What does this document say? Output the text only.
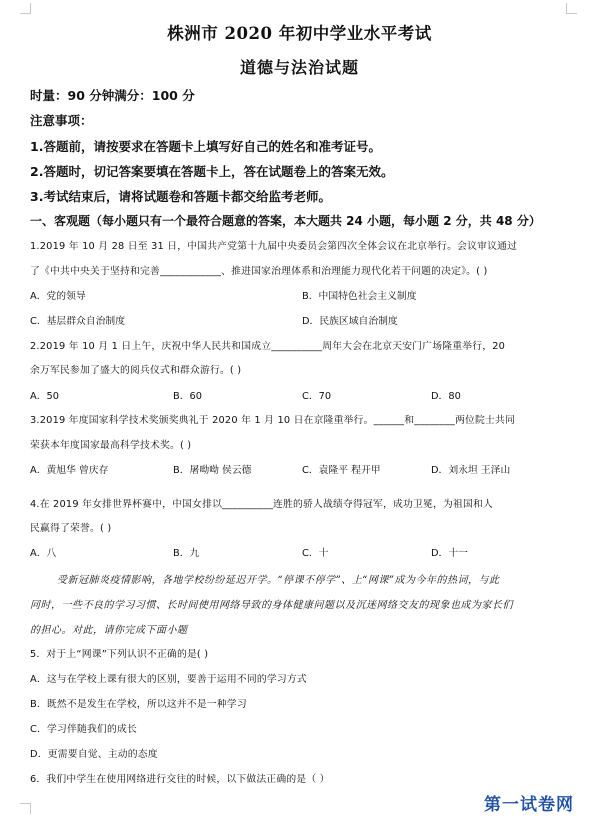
株洲市 2020 年初中学业水平考试
道德与法治试题
时量：90 分钟满分：100 分
注意事项：
1.答题前，请按要求在答题卡上填写好自己的姓名和准考证号。
2.答题时，切记答案要填在答题卡上，答在试题卷上的答案无效。
3.考试结束后，请将试题卷和答题卡都交给监考老师。
一、客观题（每小题只有一个最符合题意的答案，本大题共 24 小题，每小题 2 分，共 48 分）
1.2019 年 10 月 28 日至 31 日，中国共产党第十九届中央委员会第四次全体会议在北京举行。会议审议通过
了《中共中央关于坚持和完善____________、推进国家治理体系和治理能力现代化若干问题的决定》。( )
A．党的领导	B．中国特色社会主义制度
C．基层群众自治制度	D．民族区域自治制度
2.2019 年 10 月 1 日上午，庆祝中华人民共和国成立__________周年大会在北京天安门广场隆重举行，20
余万军民参加了盛大的阅兵仪式和群众游行。( )
A．50	B．60	C．70	D．80
3.2019 年度国家科学技术奖颁奖典礼于 2020 年 1 月 10 日在京隆重举行。______和________两位院士共同
荣获本年度国家最高科学技术奖。( )
A．黄旭华 曾庆存	B．屠呦呦 侯云德	C．袁隆平 程开甲	D．刘永坦 王泽山
4.在 2019 年女排世界杯赛中，中国女排以__________连胜的骄人战绩夺得冠军，成功卫冕，为祖国和人
民赢得了荣誉。( )
A．八	B．九	C．十	D．十一
受新冠肺炎疫情影响，各地学校纷纷延迟开学。“停课不停学”、上“网课”成为今年的热词，与此
同时，一些不良的学习习惯、长时间使用网络导致的身体健康问题以及沉迷网络交友的现象也成为家长们
的担心。对此，请你完成下面小题
5．对于上“网课”下列认识不正确的是( )
A．这与在学校上课有很大的区别，要善于运用不同的学习方式
B．既然不是发生在学校，所以这并不是一种学习
C．学习伴随我们的成长
D．更需要自觉、主动的态度
6．我们中学生在使用网络进行交往的时候，以下做法正确的是（ ）
第一试卷网
